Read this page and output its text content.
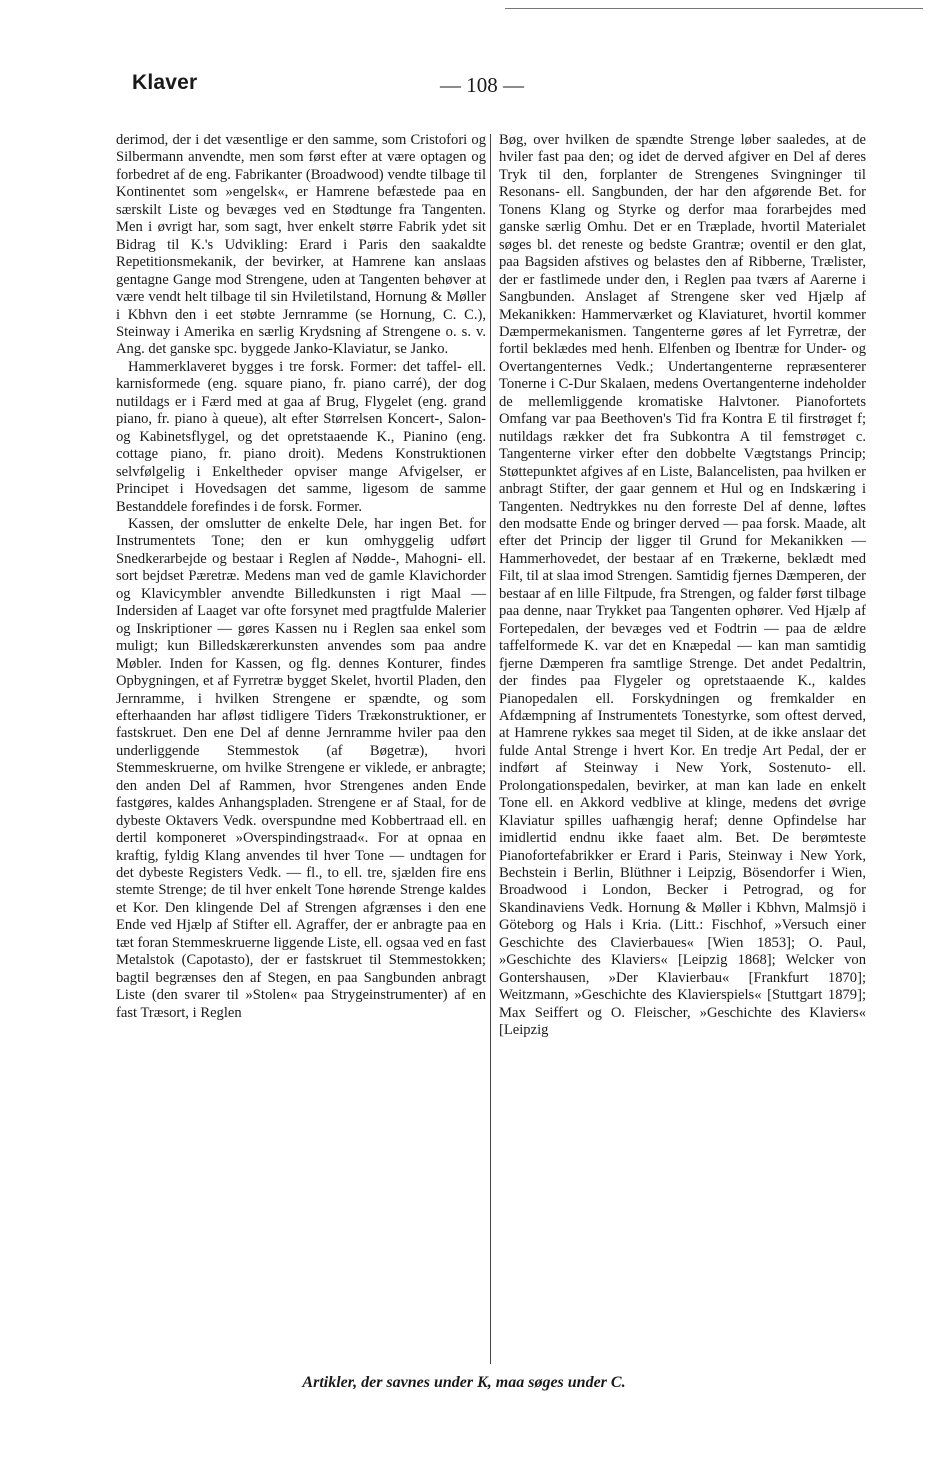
Klaver	— 108 —

derimod, der i det væsentlige er den samme, som Cristofori og Silbermann anvendte, men som først efter at være optagen og forbedret af de eng. Fabrikanter (Broadwood) vendte tilbage til Kontinentet som »engelsk«, er Hamrene befæstede paa en særskilt Liste og bevæges ved en Stødtunge fra Tangenten. Men i øvrigt har, som sagt, hver enkelt større Fabrik ydet sit Bidrag til K.'s Udvikling: Erard i Paris den saakaldte Repetitionsmekanik, der bevirker, at Hamrene kan anslaas gentagne Gange mod Strengene, uden at Tangenten behøver at være vendt helt tilbage til sin Hviletilstand, Hornung & Møller i Kbhvn den i eet støbte Jernramme (se Hornung, C. C.), Steinway i Amerika en særlig Krydsning af Strengene o. s. v. Ang. det ganske spc. byggede Janko-Klaviatur, se Janko.

Hammerklaveret bygges i tre forsk. Former: det taffel- ell. karnisformede (eng. square piano, fr. piano carré), der dog nutildags er i Færd med at gaa af Brug, Flygelet (eng. grand piano, fr. piano à queue), alt efter Størrelsen Koncert-, Salon- og Kabinetsflygel, og det opretstaaende K., Pianino (eng. cottage piano, fr. piano droit). Medens Konstruktionen selvfølgelig i Enkeltheder opviser mange Afvigelser, er Principet i Hovedsagen det samme, ligesom de samme Bestanddele forefindes i de forsk. Former.

Kassen, der omslutter de enkelte Dele, har ingen Bet. for Instrumentets Tone; den er kun omhyggelig udført Snedkerarbejde og bestaar i Reglen af Nødde-, Mahogni- ell. sort bejdset Pæretræ. Medens man ved de gamle Klavichorder og Klavicymbler anvendte Billedkunsten i rigt Maal — Indersiden af Laaget var ofte forsynet med pragtfulde Malerier og Inskriptioner — gøres Kassen nu i Reglen saa enkel som muligt; kun Billedskærerkunsten anvendes som paa andre Møbler. Inden for Kassen, og flg. dennes Konturer, findes Opbygningen, et af Fyrretræ bygget Skelet, hvortil Pladen, den Jernramme, i hvilken Strengene er spændte, og som efterhaanden har afløst tidligere Tiders Trækonstruktioner, er fastskruet. Den ene Del af denne Jernramme hviler paa den underliggende Stemmestok (af Bøgetræ), hvori Stemmeskruerne, om hvilke Strengene er viklede, er anbragte; den anden Del af Rammen, hvor Strengenes anden Ende fastgøres, kaldes Anhangspladen. Strengene er af Staal, for de dybeste Oktavers Vedk. overspundne med Kobbertraad ell. en dertil komponeret »Overspindingstraad«. For at opnaa en kraftig, fyldig Klang anvendes til hver Tone — undtagen for det dybeste Registers Vedk. — fl., to ell. tre, sjælden fire ens stemte Strenge; de til hver enkelt Tone hørende Strenge kaldes et Kor. Den klingende Del af Strengen afgrænses i den ene Ende ved Hjælp af Stifter ell. Agraffer, der er anbragte paa en tæt foran Stemmeskruerne liggende Liste, ell. ogsaa ved en fast Metalstok (Capotasto), der er fastskruet til Stemmestokken; bagtil begrænses den af Stegen, en paa Sangbunden anbragt Liste (den svarer til »Stolen« paa Strygeinstrumenter) af en fast Træsort, i Reglen

Bøg, over hvilken de spændte Strenge løber saaledes, at de hviler fast paa den; og idet de derved afgiver en Del af deres Tryk til den, forplanter de Strengenes Svingninger til Resonans- ell. Sangbunden, der har den afgørende Bet. for Tonens Klang og Styrke og derfor maa forarbejdes med ganske særlig Omhu. Det er en Træplade, hvortil Materialet søges bl. det reneste og bedste Grantræ; oventil er den glat, paa Bagsiden afstives og belastes den af Ribberne, Trælister, der er fastlimede under den, i Reglen paa tværs af Aarerne i Sangbunden. Anslaget af Strengene sker ved Hjælp af Mekanikken: Hammerværket og Klaviaturet, hvortil kommer Dæmpermekanismen. Tangenterne gøres af let Fyrretræ, der fortil beklædes med henh. Elfenben og Ibentræ for Under- og Overtangenternes Vedk.; Undertangenterne repræsenterer Tonerne i C-Dur Skalaen, medens Overtangenterne indeholder de mellemliggende kromatiske Halvtoner. Pianofortets Omfang var paa Beethoven's Tid fra Kontra E til firstrøget f; nutildags rækker det fra Subkontra A til femstrøget c. Tangenterne virker efter den dobbelte Vægtstangs Princip; Støttepunktet afgives af en Liste, Balancelisten, paa hvilken er anbragt Stifter, der gaar gennem et Hul og en Indskæring i Tangenten. Nedtrykkes nu den forreste Del af denne, løftes den modsatte Ende og bringer derved — paa forsk. Maade, alt efter det Princip der ligger til Grund for Mekanikken — Hammerhovedet, der bestaar af en Trækerne, beklædt med Filt, til at slaa imod Strengen. Samtidig fjernes Dæmperen, der bestaar af en lille Filtpude, fra Strengen, og falder først tilbage paa denne, naar Trykket paa Tangenten ophører. Ved Hjælp af Fortepedalen, der bevæges ved et Fodtrin — paa de ældre taffelformede K. var det en Knæpedal — kan man samtidig fjerne Dæmperen fra samtlige Strenge. Det andet Pedaltrin, der findes paa Flygeler og opretstaaende K., kaldes Pianopedalen ell. Forskydningen og fremkalder en Afdæmpning af Instrumentets Tonestyrke, som oftest derved, at Hamrene rykkes saa meget til Siden, at de ikke anslaar det fulde Antal Strenge i hvert Kor. En tredje Art Pedal, der er indført af Steinway i New York, Sostenuto- ell. Prolongationspedalen, bevirker, at man kan lade en enkelt Tone ell. en Akkord vedblive at klinge, medens det øvrige Klaviatur spilles uafhængig heraf; denne Opfindelse har imidlertid endnu ikke faaet alm. Bet. De berømteste Pianofortefabrikker er Erard i Paris, Steinway i New York, Bechstein i Berlin, Blüthner i Leipzig, Bösendorfer i Wien, Broadwood i London, Becker i Petrograd, og for Skandinaviens Vedk. Hornung & Møller i Kbhvn, Malmsjö i Göteborg og Hals i Kria. (Litt.: Fischhof, »Versuch einer Geschichte des Clavierbaues« [Wien 1853]; O. Paul, »Geschichte des Klaviers« [Leipzig 1868]; Welcker von Gontershausen, »Der Klavierbau« [Frankfurt 1870]; Weitzmann, »Geschichte des Klavierspiels« [Stuttgart 1879]; Max Seiffert og O. Fleischer, »Geschichte des Klaviers« [Leipzig

Artikler, der savnes under K, maa søges under C.
